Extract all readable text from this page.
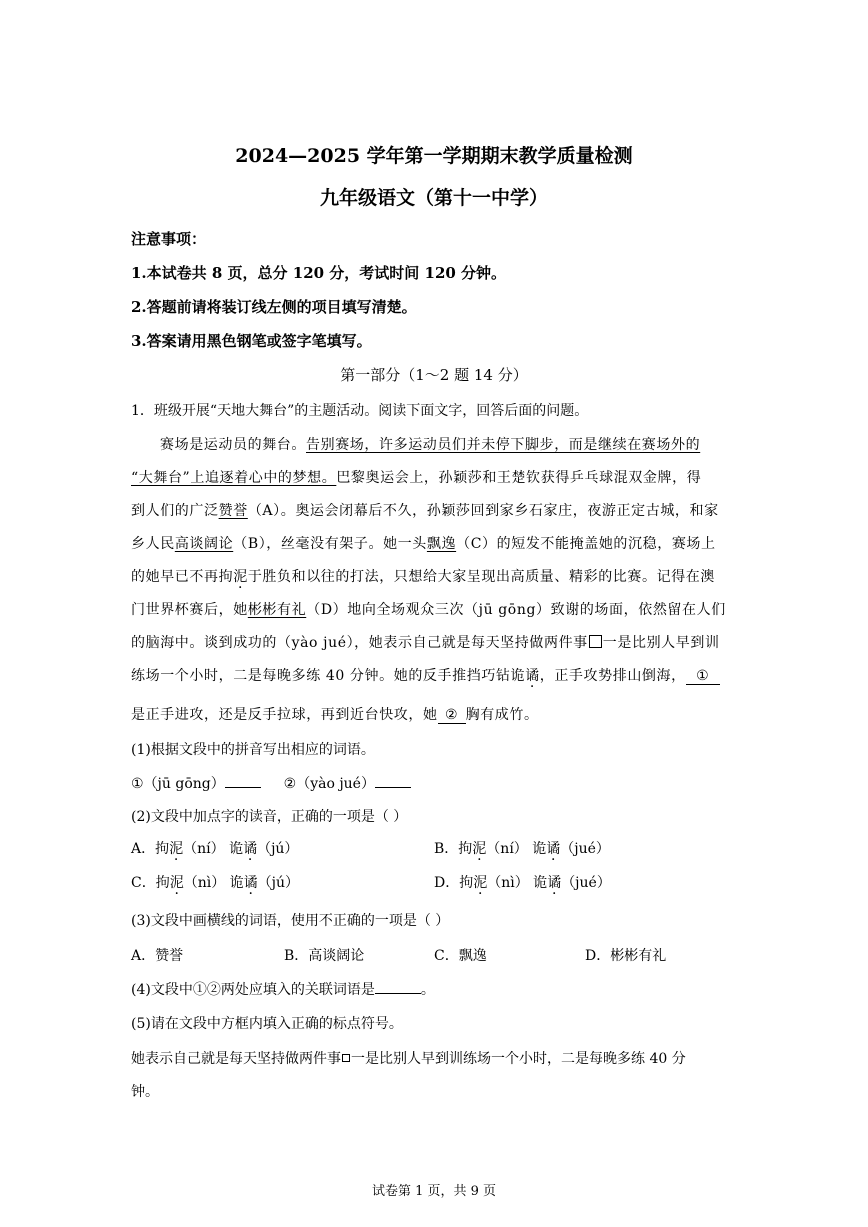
2024—2025 学年第一学期期末教学质量检测
九年级语文（第十一中学）
注意事项：
1.本试卷共 8 页，总分 120 分，考试时间 120 分钟。
2.答题前请将装订线左侧的项目填写清楚。
3.答案请用黑色钢笔或签字笔填写。
第一部分（1～2 题 14 分）
1．班级开展“天地大舞台”的主题活动。阅读下面文字，回答后面的问题。
赛场是运动员的舞台。告别赛场，许多运动员们并未停下脚步，而是继续在赛场外的
“大舞台”上追逐着心中的梦想。巴黎奥运会上，孙颖莎和王楚钦获得乒乓球混双金牌，得
到人们的广泛赞誉（A）。奥运会闭幕后不久，孙颖莎回到家乡石家庄，夜游正定古城，和家
乡人民高谈阔论（B），丝毫没有架子。她一头飘逸（C）的短发不能掩盖她的沉稳，赛场上
的她早已不再拘泥于胜负和以往的打法，只想给大家呈现出高质量、精彩的比赛。记得在澳
门世界杯赛后，她彬彬有礼（D）地向全场观众三次（jū gōng）致谢的场面，依然留在人们
的脑海中。谈到成功的（yào jué），她表示自己就是每天坚持做两件事 一是比别人早到训
练场一个小时，二是每晚多练 40 分钟。她的反手推挡巧钻诡谲，正手攻势排山倒海， ①
是正手进攻，还是反手拉球，再到近台快攻，她 ② 胸有成竹。
(1)根据文段中的拼音写出相应的词语。
①（jū gōng）	②（yào jué）
(2)文段中加点字的读音，正确的一项是（ ）
A．拘泥（ní） 诡谲（jú）	B．拘泥（ní） 诡谲（jué）
C．拘泥（nì） 诡谲（jú）	D．拘泥（nì） 诡谲（jué）
(3)文段中画横线的词语，使用不正确的一项是（ ）
A．赞誉	B．高谈阔论	C．飘逸	D．彬彬有礼
(4)文段中①②两处应填入的关联词语是	。
(5)请在文段中方框内填入正确的标点符号。
她表示自己就是每天坚持做两件事 一是比别人早到训练场一个小时，二是每晚多练 40 分
钟。
试卷第 1 页，共 9 页
